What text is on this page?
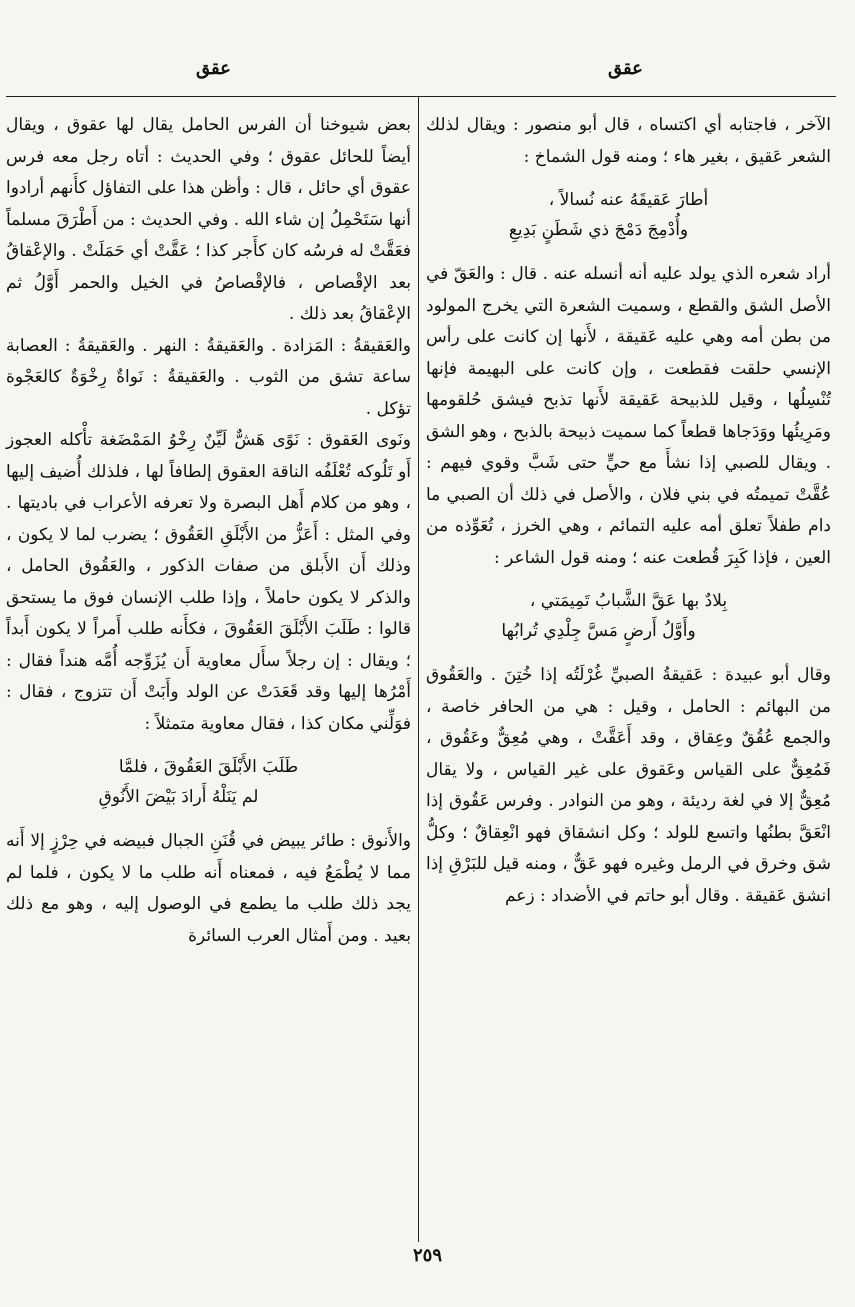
عقق
عقق

الآخر ، فاجتابه أي اكتساه ، قال أبو منصور : ويقال لذلك الشعر عَقيق ، بغير هاء ؛ ومنه قول الشماخ :

أطارَ عَقيقَهُ عنه نُسالاً ،
وأُدْمِجَ دَمْجَ ذي شَطَنٍ بَدِيعِ

أراد شعره الذي يولد عليه أنه أنسله عنه . قال : والعَقّ في الأصل الشق والقطع ، وسميت الشعرة التي يخرج المولود من بطن أمه وهي عليه عَقيقة ، لأَنها إن كانت على رأس الإنسي حلقت فقطعت ، وإن كانت على البهيمة فإنها تُنْسِلُها ، وقيل للذبيحة عَقيقة لأَنها تذبح فيشق حُلقومها ومَرِيئُها ووَدَجاها قطعاً كما سميت ذبيحة بالذبح ، وهو الشق . ويقال للصبي إذا نشأَ مع حيٍّ حتى شَبَّ وقوي فيهم : عُقَّتْ تميمتُه في بني فلان ، والأصل في ذلك أن الصبي ما دام طفلاً تعلق أمه عليه التمائم ، وهي الخرز ، تُعَوِّذه من العين ، فإذا كَبِرَ قُطعت عنه ؛ ومنه قول الشاعر :

بِلادٌ بها عَقَّ الشَّبابُ تَمِيمَتي ،
وأَوَّلُ أَرضٍ مَسَّ جِلْدِي تُرابُها

وقال أبو عبيدة : عَقيقةُ الصبيِّ غُرْلَتُه إذا خُتِنَ . والعَقُوق من البهائم : الحامل ، وقيل : هي من الحافر خاصة ، والجمع عُقُقٌ وعِقاق ، وقد أَعَقَّتْ ، وهي مُعِقٌّ وعَقُوق ، فَمُعِقٌّ على القياس وعَقوق على غير القياس ، ولا يقال مُعِقٌّ إلا في لغة رديئة ، وهو من النوادر . وفرس عَقُوق إذا انْعَقَّ بطنُها واتسع للولد ؛ وكل انشقاق فهو انْعِقاقٌ ؛ وكلُّ شق وخرق في الرمل وغيره فهو عَقٌّ ، ومنه قيل للبَرْقِ إذا انشق عَقيقة . وقال أبو حاتم في الأضداد : زعم

بعض شيوخنا أن الفرس الحامل يقال لها عقوق ، ويقال أيضاً للحائل عقوق ؛ وفي الحديث : أتاه رجل معه فرس عقوق أي حائل ، قال : وأظن هذا على التفاؤل كأَنهم أرادوا أنها سَتَحْمِلُ إن شاء الله . وفي الحديث : من أَطْرَقَ مسلماً فعَقَّتْ له فرسُه كان كأَجر كذا ؛ عَقَّتْ أي حَمَلَتْ . والإعْقاقُ بعد الإقْصاص ، فالإقْصاصُ في الخيل والحمر أَوَّلُ ثم الإعْقاقُ بعد ذلك .

والعَقيقةُ : المَزادة . والعَقيقةُ : النهر . والعَقيقةُ : العصابة ساعة تشق من الثوب . والعَقيقةُ : نَواةٌ رِخْوَةٌ كالعَجْوة تؤكل .

ونَوى العَقوق : نَوًى هَشٌّ لَيِّنٌ رِخْوُ المَمْضَغة تأْكله العجوز أَو تَلُوكه تُعْلَفُه الناقة العقوق إلطافاً لها ، فلذلك أُضيف إليها ، وهو من كلام أَهل البصرة ولا تعرفه الأعراب في باديتها . وفي المثل : أَعَزُّ من الأَبْلَقِ العَقُوق ؛ يضرب لما لا يكون ، وذلك أَن الأَبلق من صفات الذكور ، والعَقُوق الحامل ، والذكر لا يكون حاملاً ، وإذا طلب الإنسان فوق ما يستحق قالوا : طَلَبَ الأَبْلَقَ العَقُوقَ ، فكأَنه طلب أَمراً لا يكون أَبداً ؛ ويقال : إن رجلاً سأَل معاوية أَن يُزَوِّجه أُمَّه هنداً فقال : أَمْرُها إليها وقد قَعَدَتْ عن الولد وأَبَتْ أَن تتزوج ، فقال : فوَلِّني مكان كذا ، فقال معاوية متمثلاً :

طَلَبَ الأَبْلَقَ العَقُوقَ ، فلمَّا
لم يَنَلْهُ أَرادَ بَيْضَ الأَنُوقِ

والأَنوق : طائر يبيض في قُنَنِ الجبال فبيضه في حِرْزٍ إلا أَنه مما لا يُطْمَعُ فيه ، فمعناه أَنه طلب ما لا يكون ، فلما لم يجد ذلك طلب ما يطمع في الوصول إليه ، وهو مع ذلك بعيد . ومن أَمثال العرب السائرة

٢٥٩
